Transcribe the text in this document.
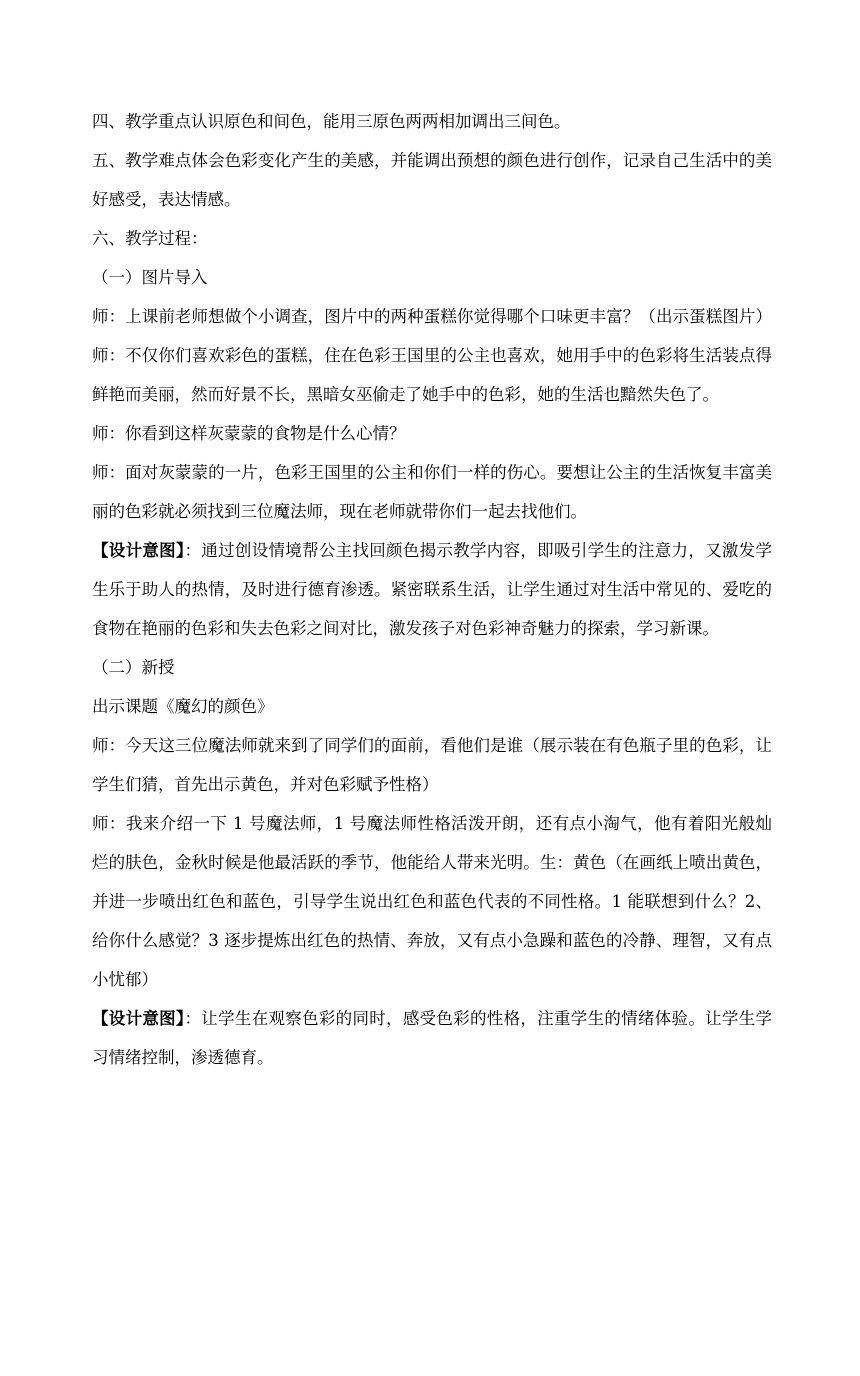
四、教学重点认识原色和间色，能用三原色两两相加调出三间色。

五、教学难点体会色彩变化产生的美感，并能调出预想的颜色进行创作，记录自己生活中的美好感受，表达情感。

六、教学过程：

（一）图片导入

师：上课前老师想做个小调查，图片中的两种蛋糕你觉得哪个口味更丰富？（出示蛋糕图片）师：不仅你们喜欢彩色的蛋糕，住在色彩王国里的公主也喜欢，她用手中的色彩将生活装点得鲜艳而美丽，然而好景不长，黑暗女巫偷走了她手中的色彩，她的生活也黯然失色了。

师：你看到这样灰蒙蒙的食物是什么心情？

师：面对灰蒙蒙的一片，色彩王国里的公主和你们一样的伤心。要想让公主的生活恢复丰富美丽的色彩就必须找到三位魔法师，现在老师就带你们一起去找他们。

【设计意图】：通过创设情境帮公主找回颜色揭示教学内容，即吸引学生的注意力，又激发学生乐于助人的热情，及时进行德育渗透。紧密联系生活，让学生通过对生活中常见的、爱吃的食物在艳丽的色彩和失去色彩之间对比，激发孩子对色彩神奇魅力的探索，学习新课。

（二）新授

出示课题《魔幻的颜色》

师：今天这三位魔法师就来到了同学们的面前，看他们是谁（展示装在有色瓶子里的色彩，让学生们猜，首先出示黄色，并对色彩赋予性格）

师：我来介绍一下 1 号魔法师，1 号魔法师性格活泼开朗，还有点小淘气，他有着阳光般灿烂的肤色，金秋时候是他最活跃的季节，他能给人带来光明。生：黄色（在画纸上喷出黄色，并进一步喷出红色和蓝色，引导学生说出红色和蓝色代表的不同性格。1 能联想到什么？2、给你什么感觉？3 逐步提炼出红色的热情、奔放，又有点小急躁和蓝色的冷静、理智，又有点小忧郁）

【设计意图】：让学生在观察色彩的同时，感受色彩的性格，注重学生的情绪体验。让学生学习情绪控制，渗透德育。
